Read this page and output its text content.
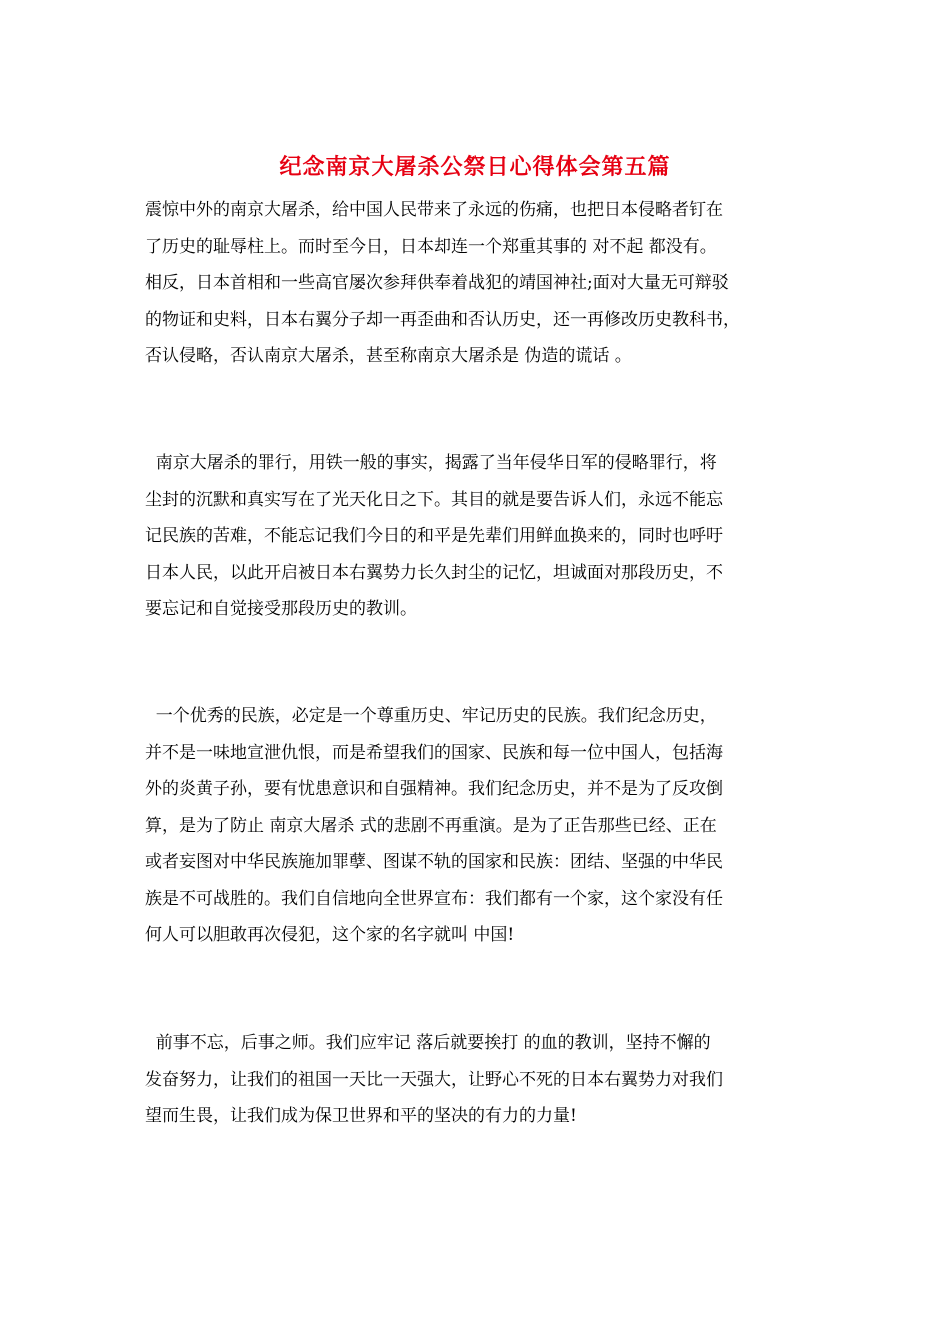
纪念南京大屠杀公祭日心得体会第五篇
震惊中外的南京大屠杀，给中国人民带来了永远的伤痛，也把日本侵略者钉在
了历史的耻辱柱上。而时至今日，日本却连一个郑重其事的 对不起 都没有。
相反，日本首相和一些高官屡次参拜供奉着战犯的靖国神社;面对大量无可辩驳
的物证和史料，日本右翼分子却一再歪曲和否认历史，还一再修改历史教科书，
否认侵略，否认南京大屠杀，甚至称南京大屠杀是 伪造的谎话 。
南京大屠杀的罪行，用铁一般的事实，揭露了当年侵华日军的侵略罪行，将
尘封的沉默和真实写在了光天化日之下。其目的就是要告诉人们，永远不能忘
记民族的苦难，不能忘记我们今日的和平是先辈们用鲜血换来的，同时也呼吁
日本人民，以此开启被日本右翼势力长久封尘的记忆，坦诚面对那段历史，不
要忘记和自觉接受那段历史的教训。
一个优秀的民族，必定是一个尊重历史、牢记历史的民族。我们纪念历史，
并不是一味地宣泄仇恨，而是希望我们的国家、民族和每一位中国人，包括海
外的炎黄子孙，要有忧患意识和自强精神。我们纪念历史，并不是为了反攻倒
算，是为了防止 南京大屠杀 式的悲剧不再重演。是为了正告那些已经、正在
或者妄图对中华民族施加罪孽、图谋不轨的国家和民族：团结、坚强的中华民
族是不可战胜的。我们自信地向全世界宣布：我们都有一个家，这个家没有任
何人可以胆敢再次侵犯，这个家的名字就叫 中国!
前事不忘，后事之师。我们应牢记 落后就要挨打 的血的教训，坚持不懈的
发奋努力，让我们的祖国一天比一天强大，让野心不死的日本右翼势力对我们
望而生畏，让我们成为保卫世界和平的坚决的有力的力量!
